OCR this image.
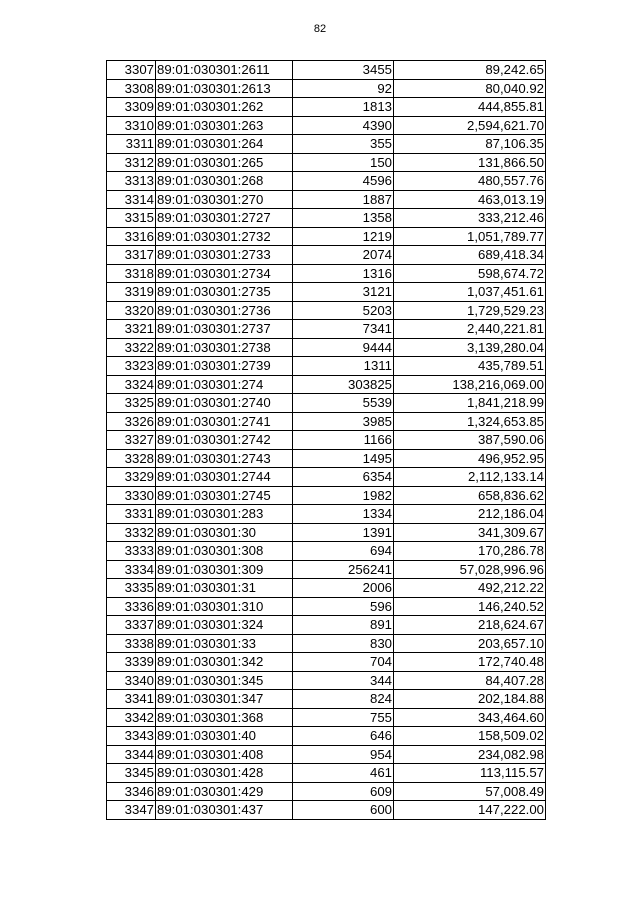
82
3307	89:01:030301:2611	3455	89,242.65
3308	89:01:030301:2613	92	80,040.92
3309	89:01:030301:262	1813	444,855.81
3310	89:01:030301:263	4390	2,594,621.70
3311	89:01:030301:264	355	87,106.35
3312	89:01:030301:265	150	131,866.50
3313	89:01:030301:268	4596	480,557.76
3314	89:01:030301:270	1887	463,013.19
3315	89:01:030301:2727	1358	333,212.46
3316	89:01:030301:2732	1219	1,051,789.77
3317	89:01:030301:2733	2074	689,418.34
3318	89:01:030301:2734	1316	598,674.72
3319	89:01:030301:2735	3121	1,037,451.61
3320	89:01:030301:2736	5203	1,729,529.23
3321	89:01:030301:2737	7341	2,440,221.81
3322	89:01:030301:2738	9444	3,139,280.04
3323	89:01:030301:2739	1311	435,789.51
3324	89:01:030301:274	303825	138,216,069.00
3325	89:01:030301:2740	5539	1,841,218.99
3326	89:01:030301:2741	3985	1,324,653.85
3327	89:01:030301:2742	1166	387,590.06
3328	89:01:030301:2743	1495	496,952.95
3329	89:01:030301:2744	6354	2,112,133.14
3330	89:01:030301:2745	1982	658,836.62
3331	89:01:030301:283	1334	212,186.04
3332	89:01:030301:30	1391	341,309.67
3333	89:01:030301:308	694	170,286.78
3334	89:01:030301:309	256241	57,028,996.96
3335	89:01:030301:31	2006	492,212.22
3336	89:01:030301:310	596	146,240.52
3337	89:01:030301:324	891	218,624.67
3338	89:01:030301:33	830	203,657.10
3339	89:01:030301:342	704	172,740.48
3340	89:01:030301:345	344	84,407.28
3341	89:01:030301:347	824	202,184.88
3342	89:01:030301:368	755	343,464.60
3343	89:01:030301:40	646	158,509.02
3344	89:01:030301:408	954	234,082.98
3345	89:01:030301:428	461	113,115.57
3346	89:01:030301:429	609	57,008.49
3347	89:01:030301:437	600	147,222.00
